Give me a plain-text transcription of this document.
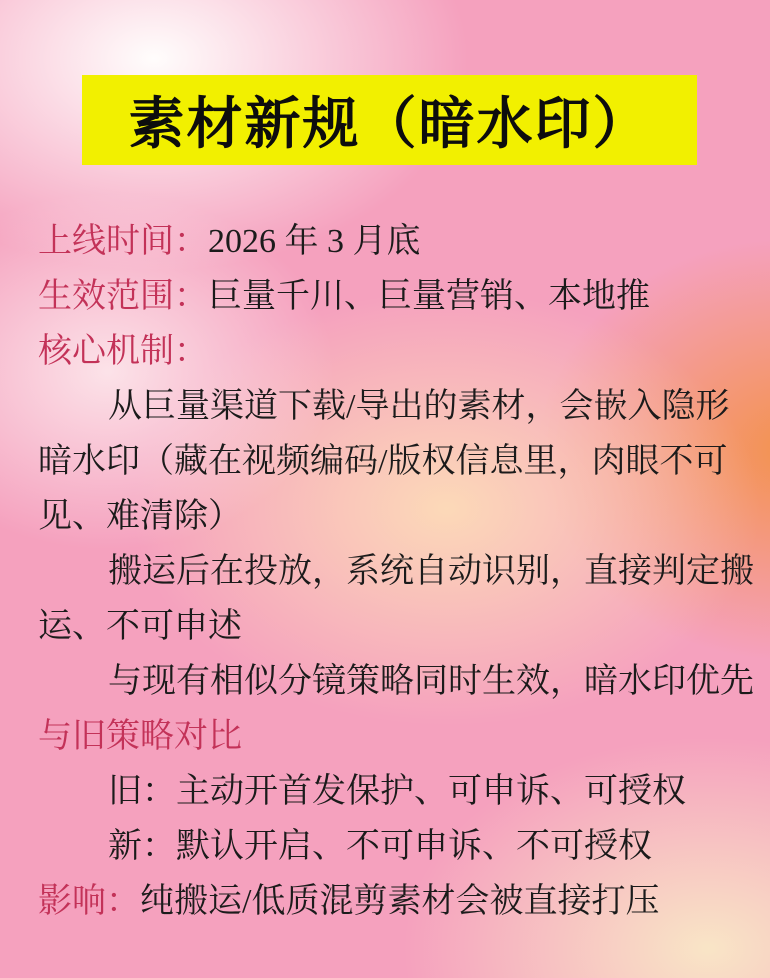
素材新规（暗水印）
上线时间：2026 年 3 月底
生效范围：巨量千川、巨量营销、本地推
核心机制：
从巨量渠道下载/导出的素材，会嵌入隐形
暗水印（藏在视频编码/版权信息里，肉眼不可
见、难清除）
搬运后在投放，系统自动识别，直接判定搬
运、不可申述
与现有相似分镜策略同时生效，暗水印优先
与旧策略对比
旧：主动开首发保护、可申诉、可授权
新：默认开启、不可申诉、不可授权
影响：纯搬运/低质混剪素材会被直接打压
